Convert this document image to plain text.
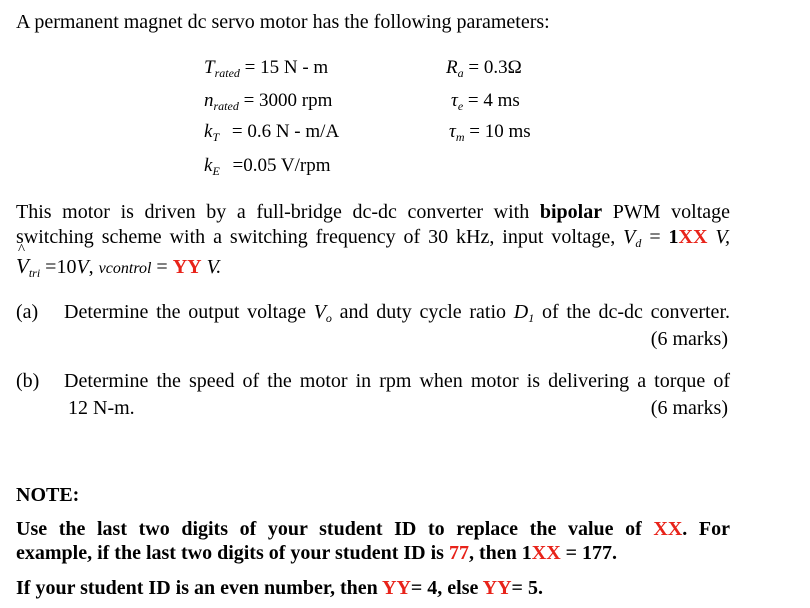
A permanent magnet dc servo motor has the following parameters:
$T_{rated} = 15$ N - m
$n_{rated} = 3000$ rpm
$k_T = 0.6$ N - m/A
$k_E =0.05$ V/rpm
$R_a = 0.3\Omega$
$\tau_e = 4$ ms
$\tau_m = 10$ ms
This motor is driven by a full-bridge dc-dc converter with bipolar PWM voltage
switching scheme with a switching frequency of 30 kHz, input voltage, $V_d = 1XX$ V,
^ $V_{tri} =10V$, vcontrol = YY V.
(a) Determine the output voltage $V_o$ and duty cycle ratio $D_1$ of the dc-dc converter.
(6 marks)
(b) Determine the speed of the motor in rpm when motor is delivering a torque of
12 N-m.	(6 marks)
NOTE:
Use the last two digits of your student ID to replace the value of XX. For
example, if the last two digits of your student ID is 77, then 1XX = 177.
If your student ID is an even number, then YY= 4, else YY= 5.
